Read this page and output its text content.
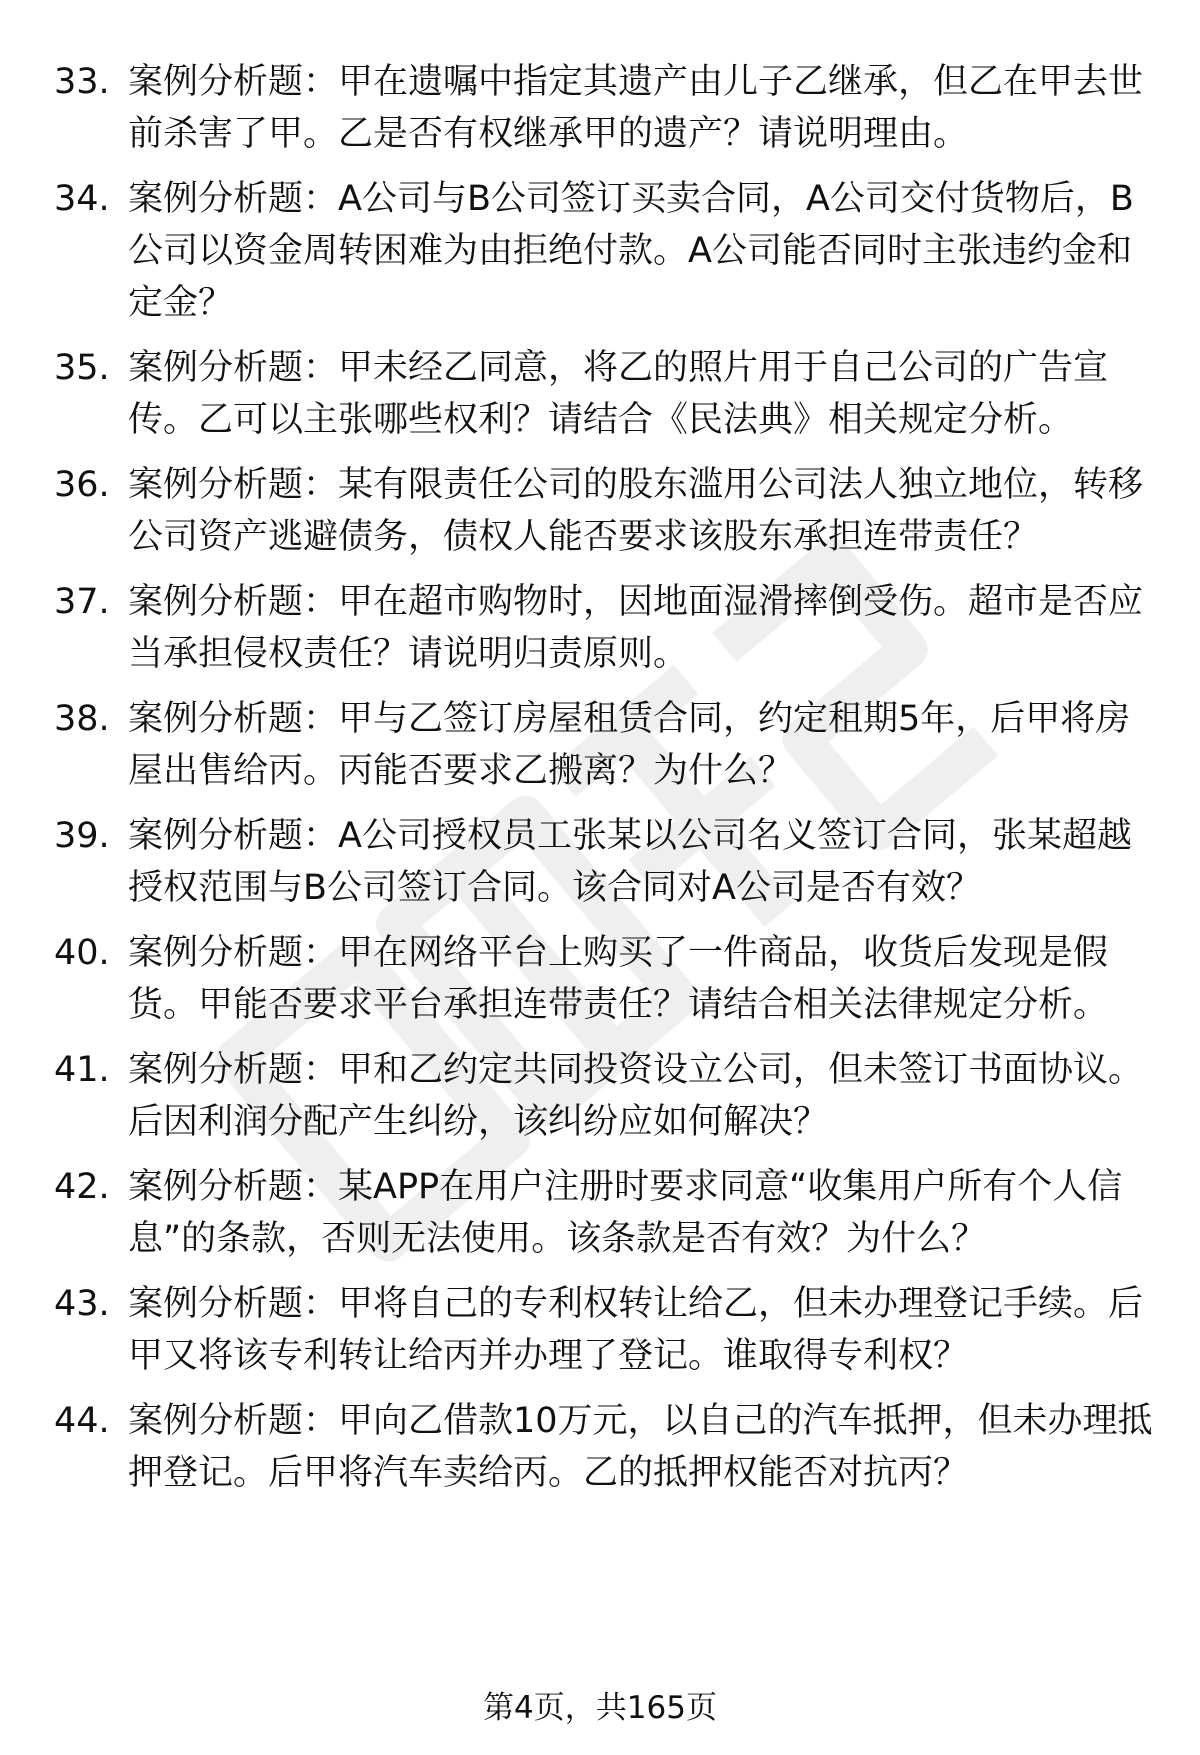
33. 案例分析题：甲在遗嘱中指定其遗产由儿子乙继承，但乙在甲去世前杀害了甲。乙是否有权继承甲的遗产？请说明理由。
34. 案例分析题：A公司与B公司签订买卖合同，A公司交付货物后，B公司以资金周转困难为由拒绝付款。A公司能否同时主张违约金和定金？
35. 案例分析题：甲未经乙同意，将乙的照片用于自己公司的广告宣传。乙可以主张哪些权利？请结合《民法典》相关规定分析。
36. 案例分析题：某有限责任公司的股东滥用公司法人独立地位，转移公司资产逃避债务，债权人能否要求该股东承担连带责任？
37. 案例分析题：甲在超市购物时，因地面湿滑摔倒受伤。超市是否应当承担侵权责任？请说明归责原则。
38. 案例分析题：甲与乙签订房屋租赁合同，约定租期5年，后甲将房屋出售给丙。丙能否要求乙搬离？为什么？
39. 案例分析题：A公司授权员工张某以公司名义签订合同，张某超越授权范围与B公司签订合同。该合同对A公司是否有效？
40. 案例分析题：甲在网络平台上购买了一件商品，收货后发现是假货。甲能否要求平台承担连带责任？请结合相关法律规定分析。
41. 案例分析题：甲和乙约定共同投资设立公司，但未签订书面协议。后因利润分配产生纠纷，该纠纷应如何解决？
42. 案例分析题：某APP在用户注册时要求同意“收集用户所有个人信息”的条款，否则无法使用。该条款是否有效？为什么？
43. 案例分析题：甲将自己的专利权转让给乙，但未办理登记手续。后甲又将该专利转让给丙并办理了登记。谁取得专利权？
44. 案例分析题：甲向乙借款10万元，以自己的汽车抵押，但未办理抵押登记。后甲将汽车卖给丙。乙的抵押权能否对抗丙？
第4页，共165页
